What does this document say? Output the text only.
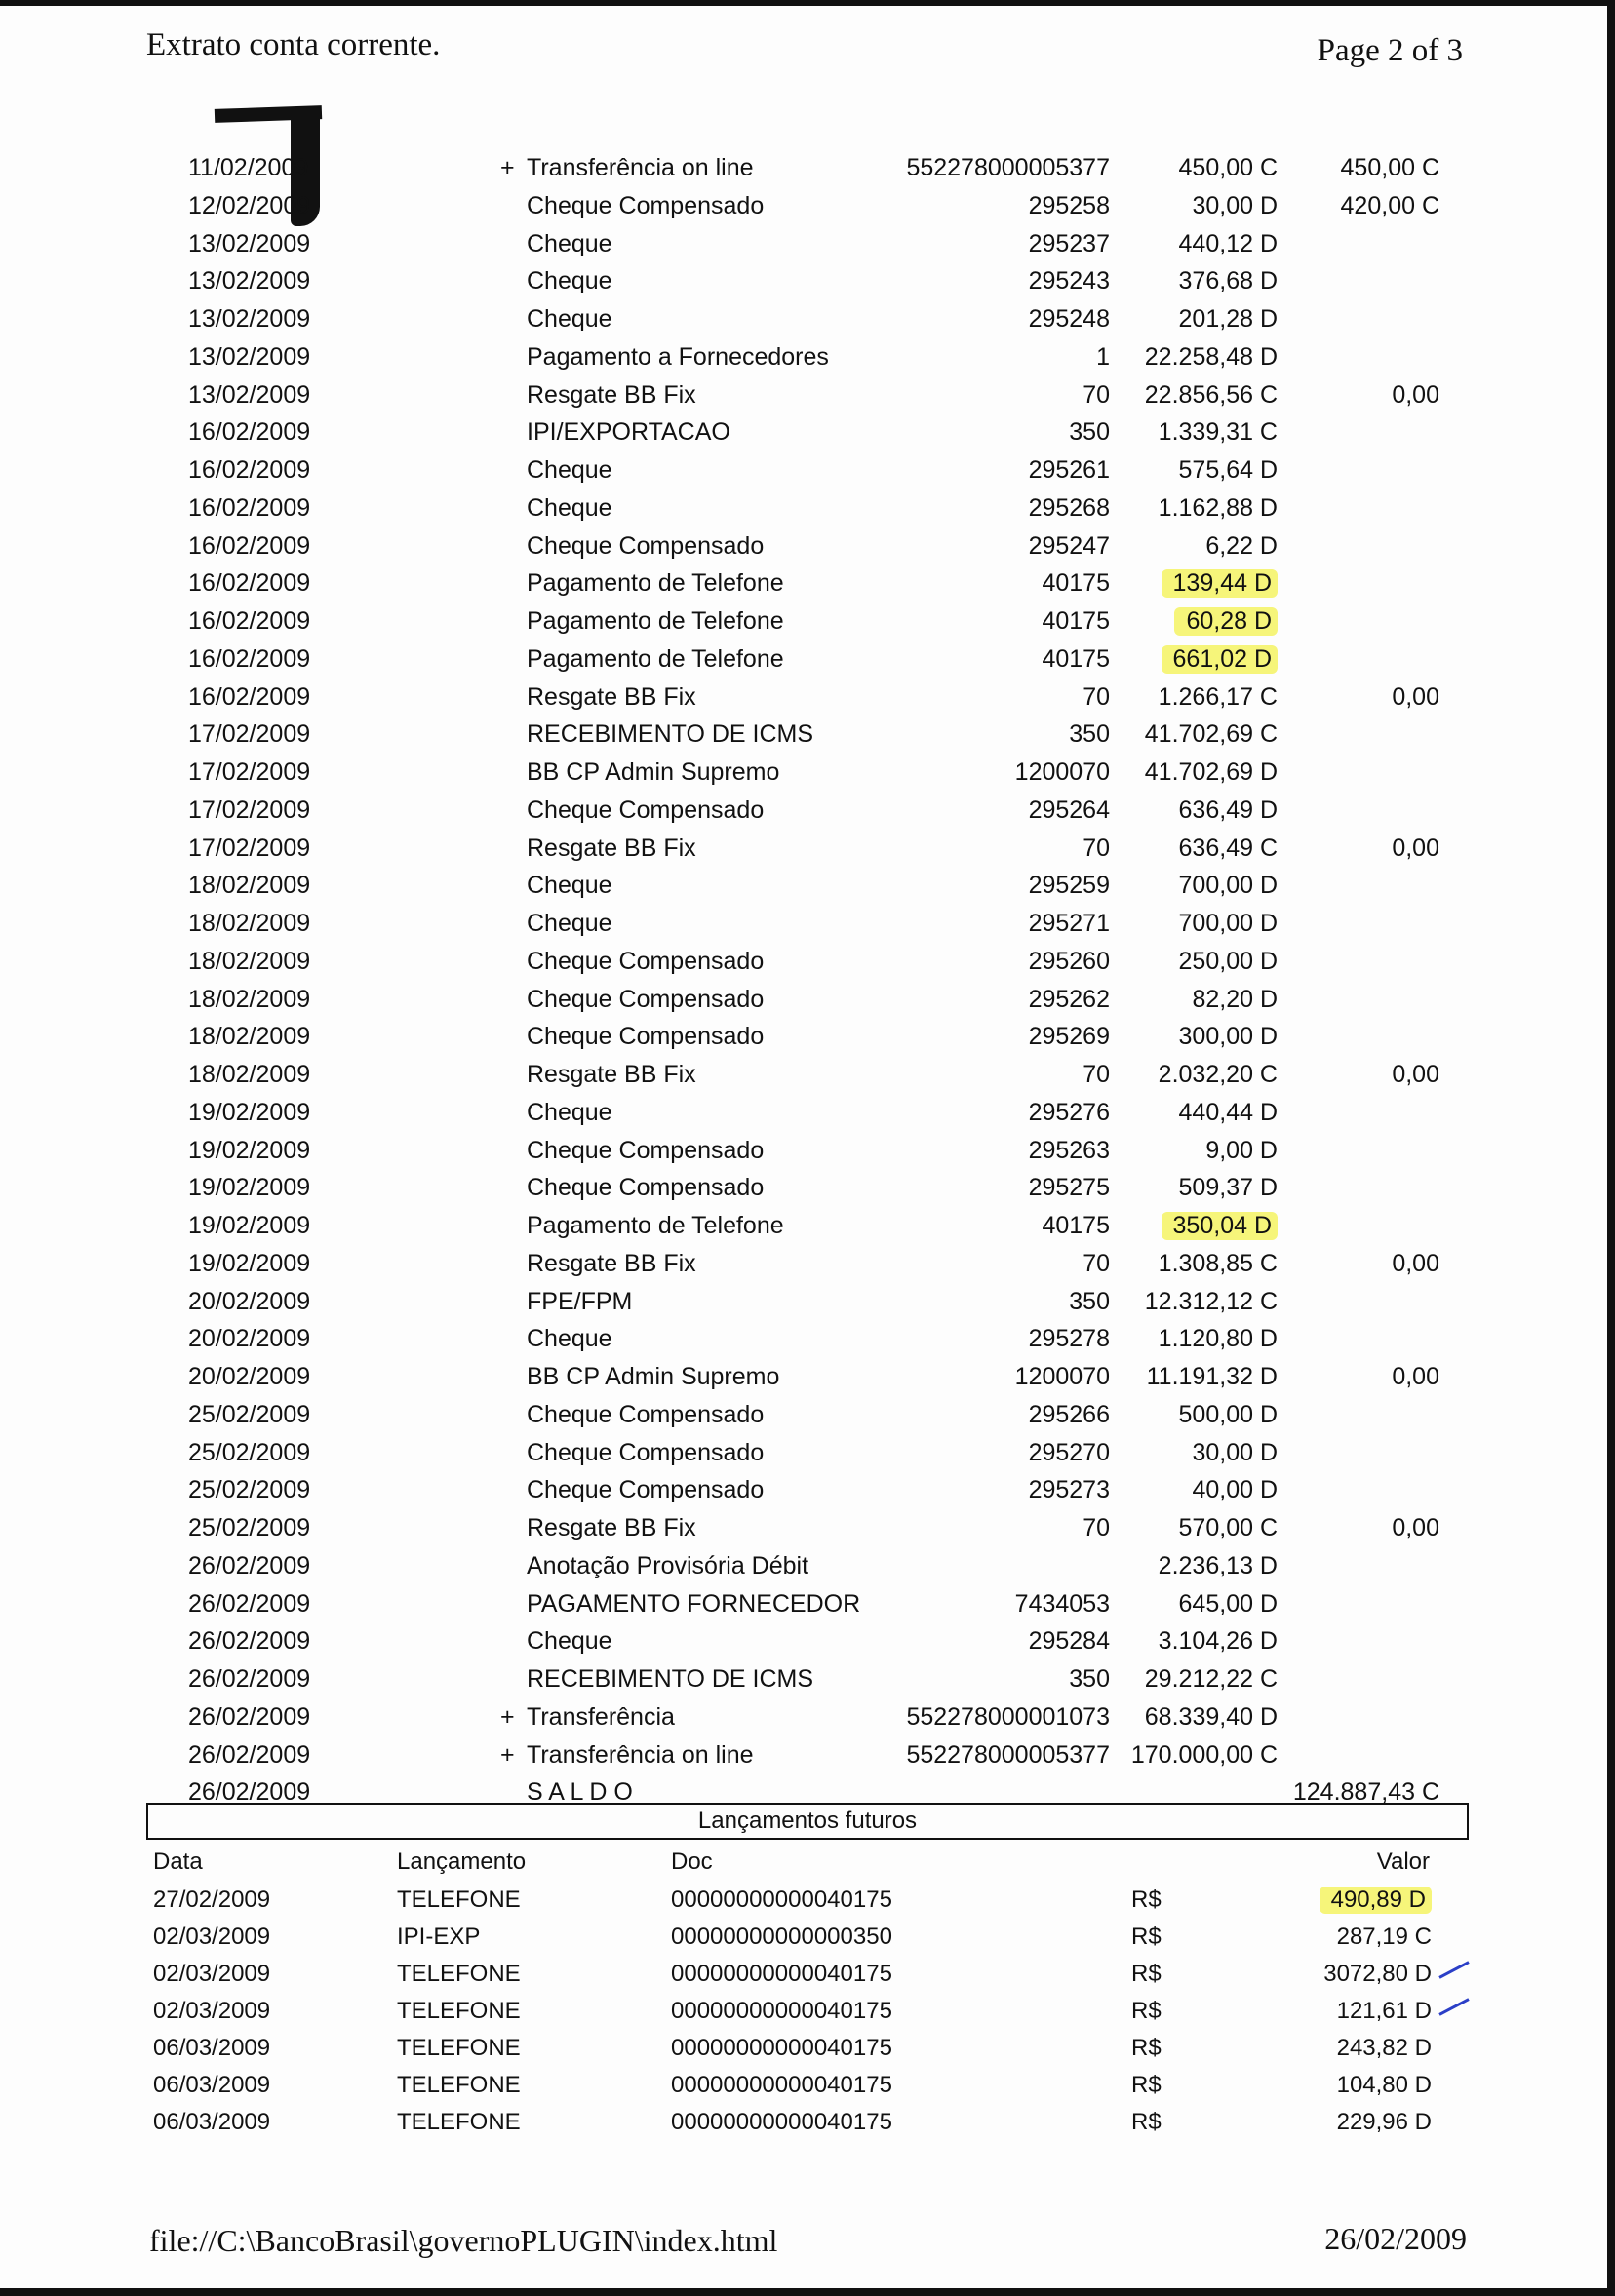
Extrato conta corrente.	Page 2 of 3
11/02/2009	+ Transferência on line	552278000005377	450,00 C	450,00 C
12/02/2009	Cheque Compensado	295258	30,00 D	420,00 C
13/02/2009	Cheque	295237	440,12 D
13/02/2009	Cheque	295243	376,68 D
13/02/2009	Cheque	295248	201,28 D
13/02/2009	Pagamento a Fornecedores	1 22.258,48 D
13/02/2009	Resgate BB Fix	70 22.856,56 C	0,00
16/02/2009	IPI/EXPORTACAO	350 1.339,31 C
16/02/2009	Cheque	295261	575,64 D
16/02/2009	Cheque	295268 1.162,88 D
16/02/2009	Cheque Compensado	295247	6,22 D
16/02/2009	Pagamento de Telefone	40175	139,44 D
16/02/2009	Pagamento de Telefone	40175	60,28 D
16/02/2009	Pagamento de Telefone	40175	661,02 D
16/02/2009	Resgate BB Fix	70 1.266,17 C	0,00
17/02/2009	RECEBIMENTO DE ICMS	350 41.702,69 C
17/02/2009	BB CP Admin Supremo	1200070 41.702,69 D
17/02/2009	Cheque Compensado	295264	636,49 D
17/02/2009	Resgate BB Fix	70	636,49 C	0,00
18/02/2009	Cheque	295259	700,00 D
18/02/2009	Cheque	295271	700,00 D
18/02/2009	Cheque Compensado	295260	250,00 D
18/02/2009	Cheque Compensado	295262	82,20 D
18/02/2009	Cheque Compensado	295269	300,00 D
18/02/2009	Resgate BB Fix	70 2.032,20 C	0,00
19/02/2009	Cheque	295276	440,44 D
19/02/2009	Cheque Compensado	295263	9,00 D
19/02/2009	Cheque Compensado	295275	509,37 D
19/02/2009	Pagamento de Telefone	40175	350,04 D
19/02/2009	Resgate BB Fix	70 1.308,85 C	0,00
20/02/2009	FPE/FPM	350 12.312,12 C
20/02/2009	Cheque	295278 1.120,80 D
20/02/2009	BB CP Admin Supremo	1200070 11.191,32 D	0,00
25/02/2009	Cheque Compensado	295266	500,00 D
25/02/2009	Cheque Compensado	295270	30,00 D
25/02/2009	Cheque Compensado	295273	40,00 D
25/02/2009	Resgate BB Fix	70	570,00 C	0,00
26/02/2009	Anotação Provisória Débit	2.236,13 D
26/02/2009	PAGAMENTO FORNECEDOR	7434053	645,00 D
26/02/2009	Cheque	295284 3.104,26 D
26/02/2009	RECEBIMENTO DE ICMS	350 29.212,22 C
26/02/2009	+ Transferência	552278000001073 68.339,40 D
26/02/2009	+ Transferência on line	552278000005377 170.000,00 C
26/02/2009	S A L D O	124.887,43 C
Lançamentos futuros
Data	Lançamento	Doc	Valor
27/02/2009	TELEFONE	00000000000040175	R$	490,89 D
02/03/2009	IPI-EXP	00000000000000350	R$	287,19 C
02/03/2009	TELEFONE	00000000000040175	R$	3072,80 D
02/03/2009	TELEFONE	00000000000040175	R$	121,61 D
06/03/2009	TELEFONE	00000000000040175	R$	243,82 D
06/03/2009	TELEFONE	00000000000040175	R$	104,80 D
06/03/2009	TELEFONE	00000000000040175	R$	229,96 D
file://C:\BancoBrasil\governoPLUGIN\index.html	26/02/2009
